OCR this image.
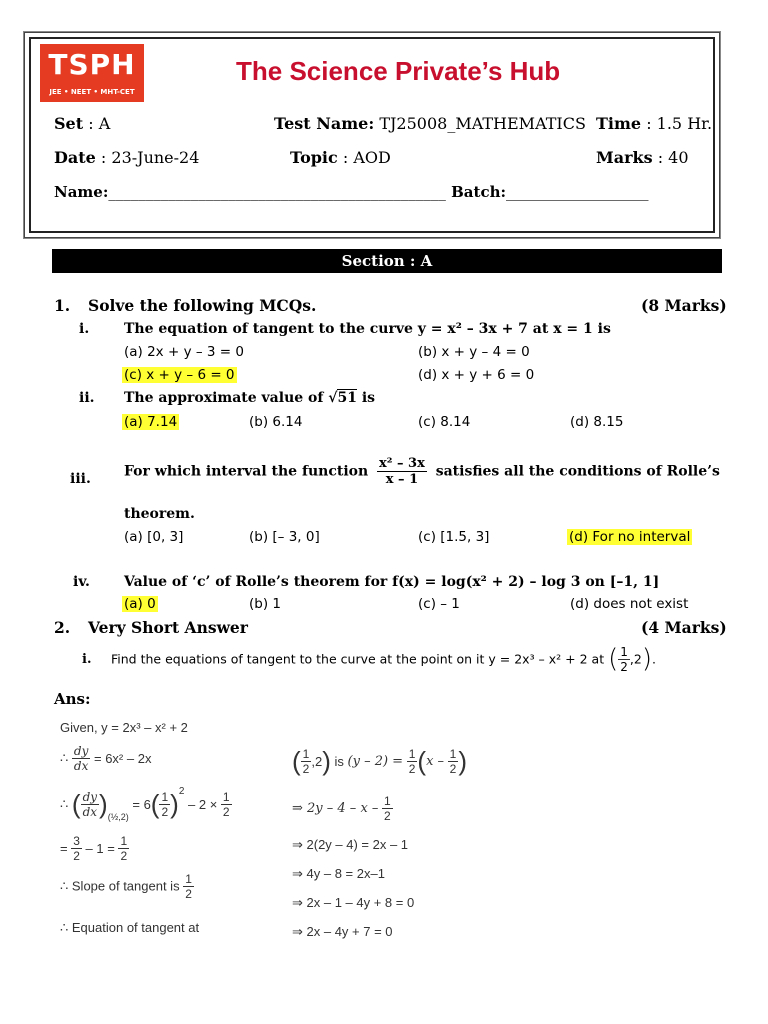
TSPH
JEE • NEET • MHT-CET
The Science Private’s Hub
Set : A	Test Name: TJ25008_MATHEMATICS Time : 1.5 Hr.
Date : 23-June-24	Topic : AOD	Marks : 40
Name:_____________________________________________ Batch:___________________
Section : A
1. Solve the following MCQs.	(8 Marks)
i. The equation of tangent to the curve y = x² – 3x + 7 at x = 1 is
(a) 2x + y – 3 = 0	(b) x + y – 4 = 0
(c) x + y – 6 = 0	(d) x + y + 6 = 0
ii. The approximate value of √51 is
(a) 7.14	(b) 6.14	(c) 8.14	(d) 8.15
iii. For which interval the function $\frac{\text{x² – 3x}}{x - 1}$ satisfies all the conditions of Rolle’s
theorem.
(a) [0, 3]	(b) [– 3, 0]	(c) [1.5, 3]	(d) For no interval
iv. Value of ‘c’ of Rolle’s theorem for f(x) = log(x² + 2) – log 3 on [–1, 1]
(a) 0	(b) 1	(c) – 1	(d) does not exist
2. Very Short Answer	(4 Marks)
i. Find the equations of tangent to the curve at the point on it y = 2x³ – x² + 2 at ( $\frac{1}{2} ,2$).
Ans:
Given, y = 2x³ – x² + 2
∴ $\frac{dy}{dx} = 6x^2 - 2x$
∴ ( $\frac{dy}{dx} )_{(\frac{1}{2},2)} = 6( \frac{1}{2} )^2 - 2 \times \frac{1}{2}$
= $\frac{3}{2} - 1 = \frac{1}{2}$
∴ Slope of tangent is $\frac{1}{2}$
∴ Equation of tangent at
( $\frac{1}{2} ,2$) is $(y - 2) = \frac{1}{2} (x - \frac{1}{2}$ )
⇒ 2y – 4 – x – $\frac{1}{2}$
⇒ 2(2y – 4) = 2x – 1
⇒ 4y – 8 = 2x–1
⇒ 2x – 1 – 4y + 8 = 0
⇒ 2x – 4y + 7 = 0
